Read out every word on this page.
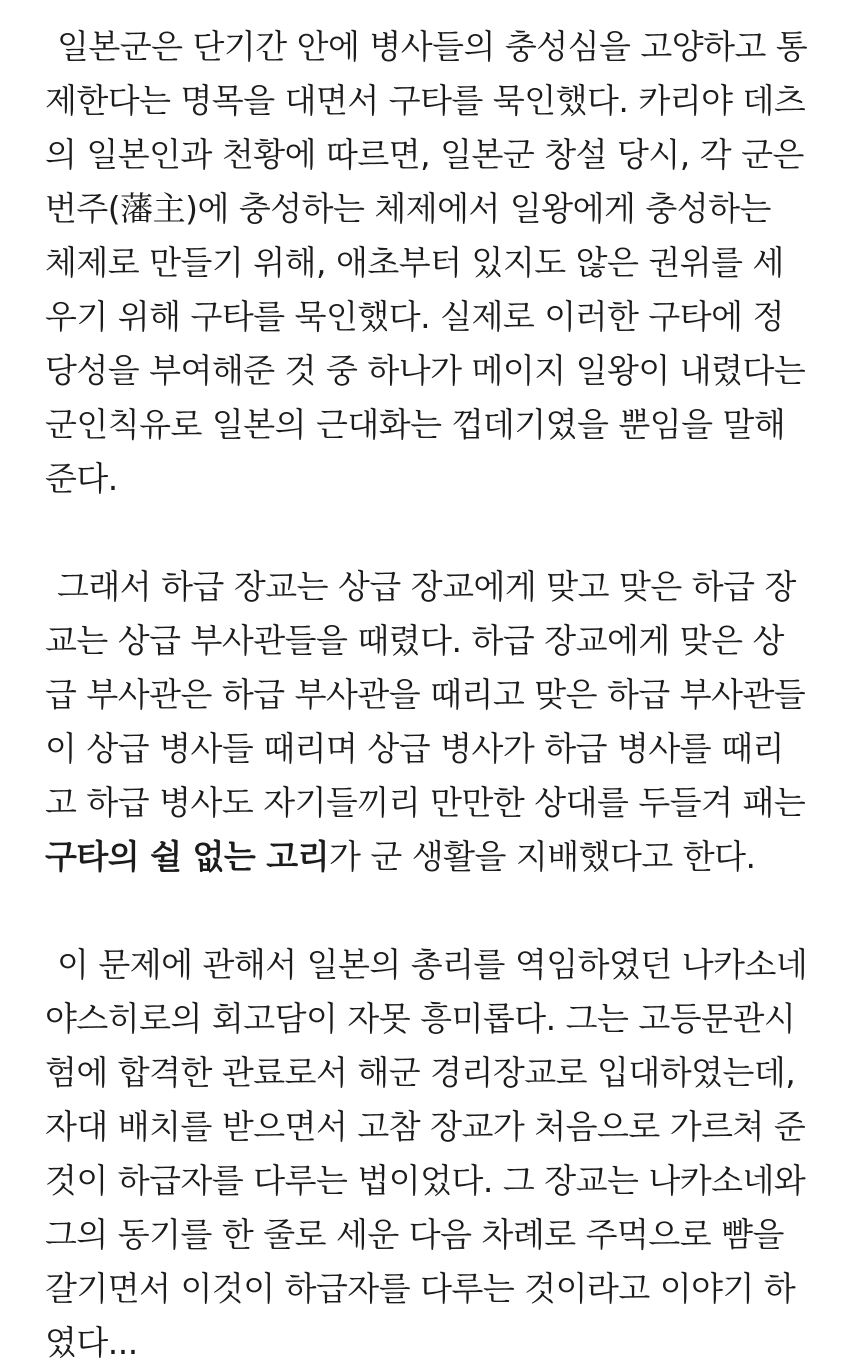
일본군은 단기간 안에 병사들의 충성심을 고양하고 통
제한다는 명목을 대면서 구타를 묵인했다. 카리야 데츠
의 일본인과 천황에 따르면, 일본군 창설 당시, 각 군은
번주(藩主)에 충성하는 체제에서 일왕에게 충성하는
체제로 만들기 위해, 애초부터 있지도 않은 권위를 세
우기 위해 구타를 묵인했다. 실제로 이러한 구타에 정
당성을 부여해준 것 중 하나가 메이지 일왕이 내렸다는
군인칙유로 일본의 근대화는 껍데기였을 뿐임을 말해
준다.

그래서 하급 장교는 상급 장교에게 맞고 맞은 하급 장
교는 상급 부사관들을 때렸다. 하급 장교에게 맞은 상
급 부사관은 하급 부사관을 때리고 맞은 하급 부사관들
이 상급 병사들 때리며 상급 병사가 하급 병사를 때리
고 하급 병사도 자기들끼리 만만한 상대를 두들겨 패는
구타의 쉴 없는 고리가 군 생활을 지배했다고 한다.

이 문제에 관해서 일본의 총리를 역임하였던 나카소네
야스히로의 회고담이 자못 흥미롭다. 그는 고등문관시
험에 합격한 관료로서 해군 경리장교로 입대하였는데,
자대 배치를 받으면서 고참 장교가 처음으로 가르쳐 준
것이 하급자를 다루는 법이었다. 그 장교는 나카소네와
그의 동기를 한 줄로 세운 다음 차례로 주먹으로 뺨을
갈기면서 이것이 하급자를 다루는 것이라고 이야기 하
였다...
